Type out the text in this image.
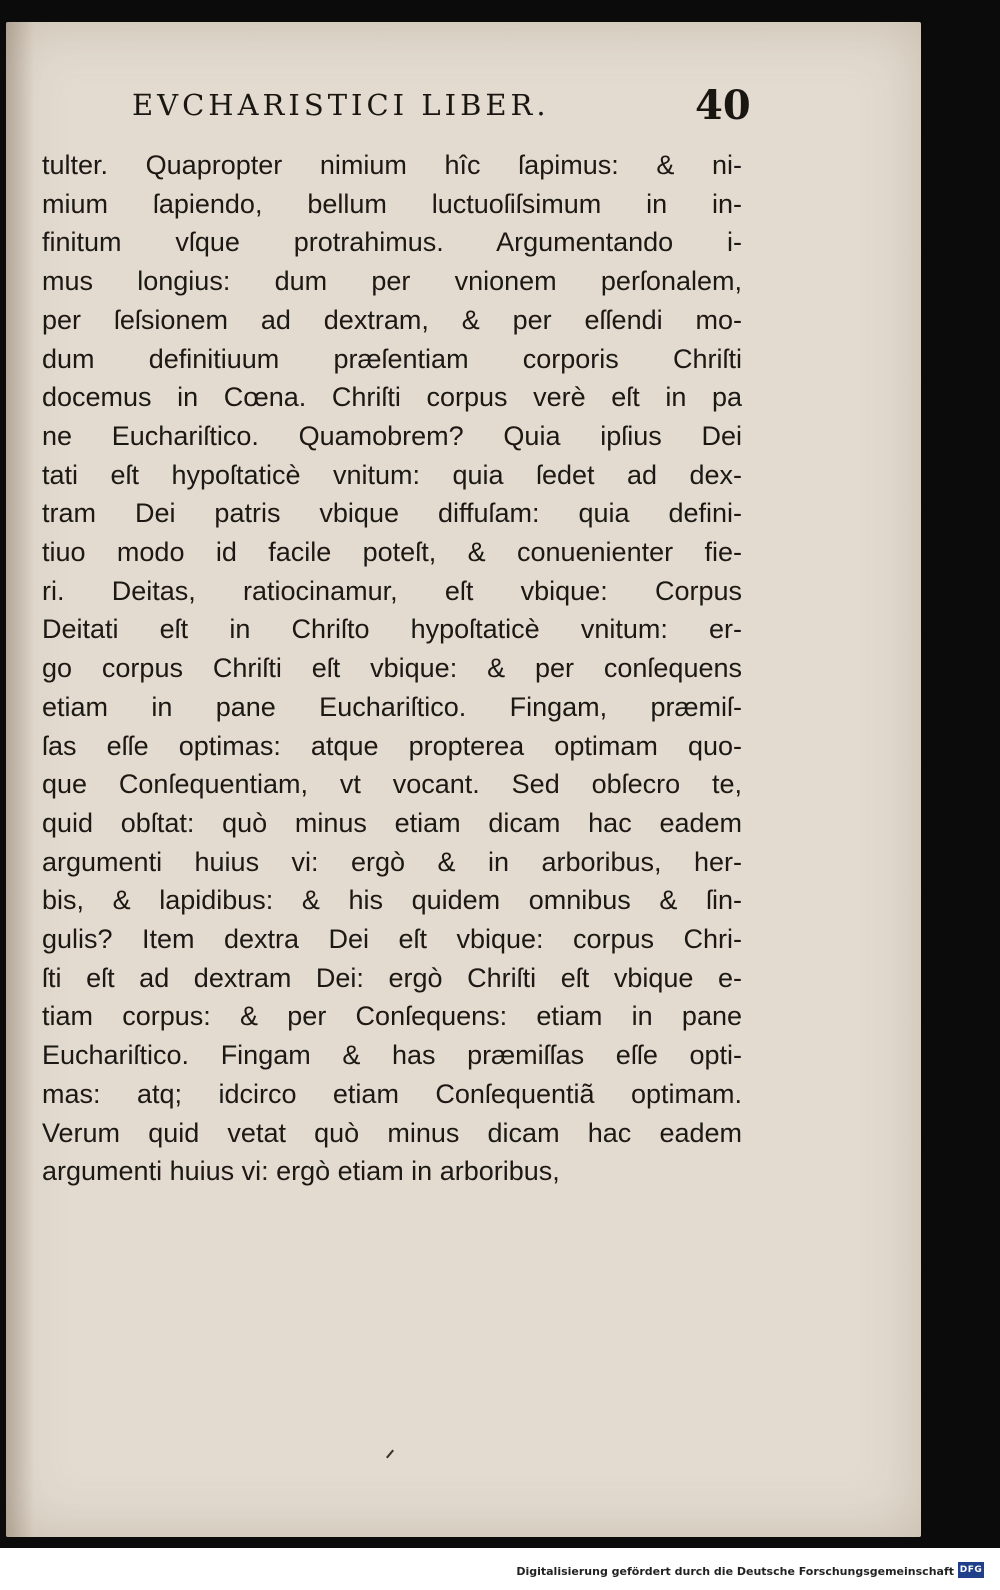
EVCHARISTICI LIBER.	40
tulter. Quapropter nimium hîc ſapimus: & ni-
mium ſapiendo, bellum luctuoſiſsimum in in-
finitum vſque protrahimus. Argumentando i-
mus longius: dum per vnionem perſonalem,
per ſeſsionem ad dextram, & per eſſendi mo-
dum definitiuum præſentiam corporis Chriſti
docemus in Cœna. Chriſti corpus verè eſt in pa
ne Euchariſtico. Quamobrem? Quia ipſius Dei
tati eſt hypoſtaticè vnitum: quia ſedet ad dex-
tram Dei patris vbique diffuſam: quia defini-
tiuo modo id facile poteſt, & conuenienter fie-
ri. Deitas, ratiocinamur, eſt vbique: Corpus
Deitati eſt in Chriſto hypoſtaticè vnitum: er-
go corpus Chriſti eſt vbique: & per conſequens
etiam in pane Euchariſtico. Fingam, præmiſ-
ſas eſſe optimas: atque propterea optimam quo-
que Conſequentiam, vt vocant. Sed obſecro te,
quid obſtat: quò minus etiam dicam hac eadem
argumenti huius vi: ergò & in arboribus, her-
bis, & lapidibus: & his quidem omnibus & ſin-
gulis? Item dextra Dei eſt vbique: corpus Chri-
ſti eſt ad dextram Dei: ergò Chriſti eſt vbique e-
tiam corpus: & per Conſequens: etiam in pane
Euchariſtico. Fingam & has præmiſſas eſſe opti-
mas: atq; idcirco etiam Conſequentiã optimam.
Verum quid vetat quò minus dicam hac eadem
argumenti huius vi: ergò etiam in arboribus,
Digitalisierung gefördert durch die Deutsche Forschungsgemeinschaft DFG
